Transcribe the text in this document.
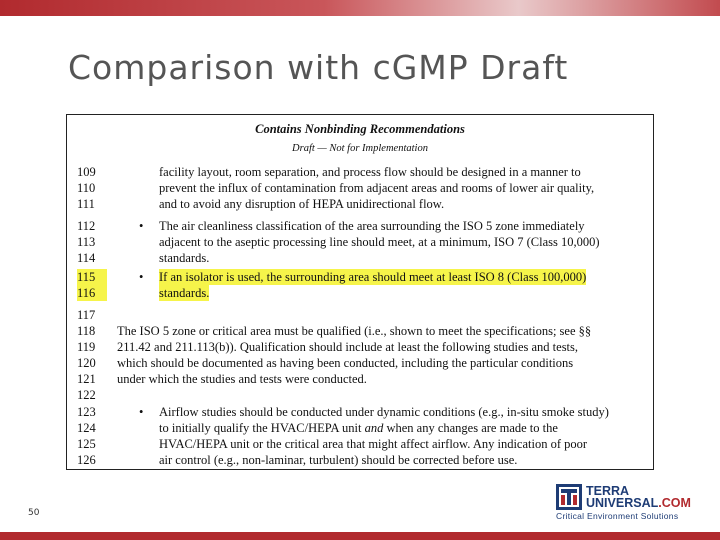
Comparison with cGMP Draft
Contains Nonbinding Recommendations
Draft — Not for Implementation
109	facility layout, room separation, and process flow should be designed in a manner to
110	prevent the influx of contamination from adjacent areas and rooms of lower air quality,
111	and to avoid any disruption of HEPA unidirectional flow.
112	• The air cleanliness classification of the area surrounding the ISO 5 zone immediately
113	adjacent to the aseptic processing line should meet, at a minimum, ISO 7 (Class 10,000)
114	standards.
115	• If an isolator is used, the surrounding area should meet at least ISO 8 (Class 100,000)
116	standards.
117
118	The ISO 5 zone or critical area must be qualified (i.e., shown to meet the specifications; see §§
119	211.42 and 211.113(b)). Qualification should include at least the following studies and tests,
120	which should be documented as having been conducted, including the particular conditions
121	under which the studies and tests were conducted.
122
123	• Airflow studies should be conducted under dynamic conditions (e.g., in-situ smoke study)
124	to initially qualify the HVAC/HEPA unit and when any changes are made to the
125	HVAC/HEPA unit or the critical area that might affect airflow. Any indication of poor
126	air control (e.g., non-laminar, turbulent) should be corrected before use.
50
TERRA
UNIVERSAL.COM
Critical Environment Solutions
